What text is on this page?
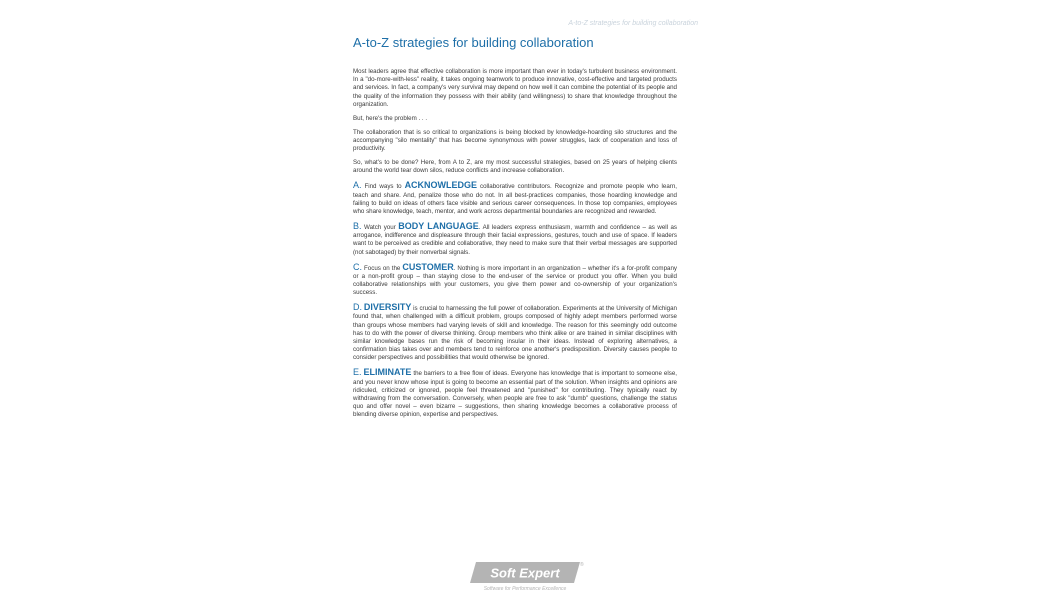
A-to-Z strategies for building collaboration
A-to-Z strategies for building collaboration

Most leaders agree that effective collaboration is more important than ever in today's turbulent business environment. In a "do-more-with-less" reality, it takes ongoing teamwork to produce innovative, cost-effective and targeted products and services. In fact, a company's very survival may depend on how well it can combine the potential of its people and the quality of the information they possess with their ability (and willingness) to share that knowledge throughout the organization.

But, here's the problem . . .

The collaboration that is so critical to organizations is being blocked by knowledge-hoarding silo structures and the accompanying "silo mentality" that has become synonymous with power struggles, lack of cooperation and loss of productivity.

So, what's to be done? Here, from A to Z, are my most successful strategies, based on 25 years of helping clients around the world tear down silos, reduce conflicts and increase collaboration.

A. Find ways to ACKNOWLEDGE collaborative contributors. Recognize and promote people who learn, teach and share. And, penalize those who do not. In all best-practices companies, those hoarding knowledge and failing to build on ideas of others face visible and serious career consequences. In those top companies, employees who share knowledge, teach, mentor, and work across departmental boundaries are recognized and rewarded.
B. Watch your BODY LANGUAGE. All leaders express enthusiasm, warmth and confidence – as well as arrogance, indifference and displeasure through their facial expressions, gestures, touch and use of space. If leaders want to be perceived as credible and collaborative, they need to make sure that their verbal messages are supported (not sabotaged) by their nonverbal signals.
C. Focus on the CUSTOMER. Nothing is more important in an organization – whether it's a for-profit company or a non-profit group – than staying close to the end-user of the service or product you offer. When you build collaborative relationships with your customers, you give them power and co-ownership of your organization's success.
D. DIVERSITY is crucial to harnessing the full power of collaboration. Experiments at the University of Michigan found that, when challenged with a difficult problem, groups composed of highly adept members performed worse than groups whose members had varying levels of skill and knowledge. The reason for this seemingly odd outcome has to do with the power of diverse thinking. Group members who think alike or are trained in similar disciplines with similar knowledge bases run the risk of becoming insular in their ideas. Instead of exploring alternatives, a confirmation bias takes over and members tend to reinforce one another's predisposition. Diversity causes people to consider perspectives and possibilities that would otherwise be ignored.
E. ELIMINATE the barriers to a free flow of ideas. Everyone has knowledge that is important to someone else, and you never know whose input is going to become an essential part of the solution. When insights and opinions are ridiculed, criticized or ignored, people feel threatened and "punished" for contributing. They typically react by withdrawing from the conversation. Conversely, when people are free to ask "dumb" questions, challenge the status quo and offer novel – even bizarre – suggestions, then sharing knowledge becomes a collaborative process of blending diverse opinion, expertise and perspectives.
Soft Expert
®
Software for Performance Excellence
